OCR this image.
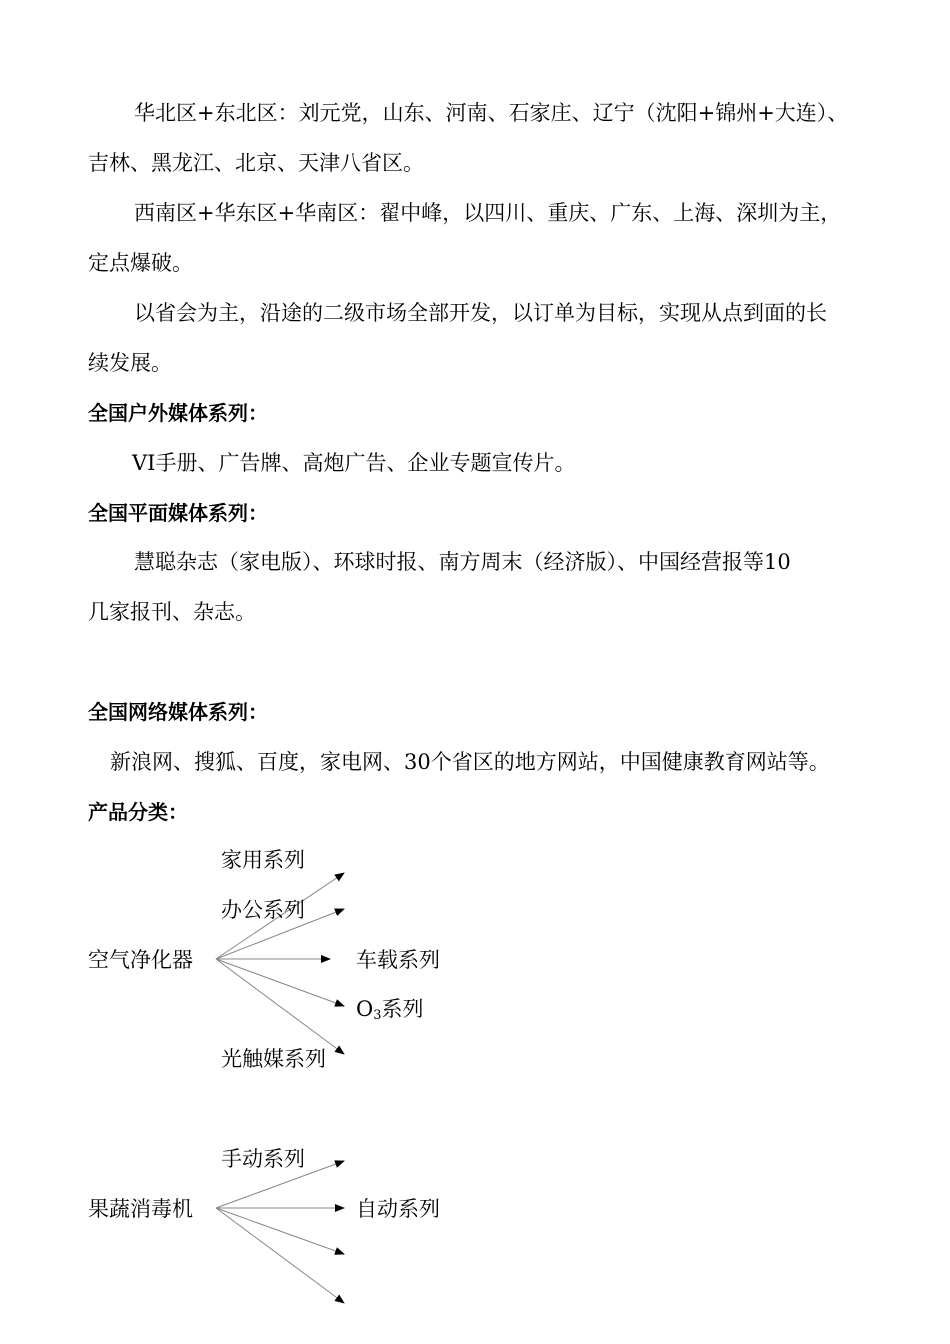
华北区+东北区：刘元党，山东、河南、石家庄、辽宁（沈阳+锦州+大连）、
吉林、黑龙江、北京、天津八省区。
西南区+华东区+华南区：翟中峰，以四川、重庆、广东、上海、深圳为主，
定点爆破。
以省会为主，沿途的二级市场全部开发，以订单为目标，实现从点到面的长
续发展。
全国户外媒体系列：
VI手册、广告牌、高炮广告、企业专题宣传片。
全国平面媒体系列：
慧聪杂志（家电版）、环球时报、南方周末（经济版）、中国经营报等10
几家报刊、杂志。
全国网络媒体系列：
新浪网、搜狐、百度，家电网、30个省区的地方网站，中国健康教育网站等。
产品分类：
空气净化器
家用系列
办公系列
车载系列
$O_3$系列
光触媒系列
果蔬消毒机
手动系列
自动系列
